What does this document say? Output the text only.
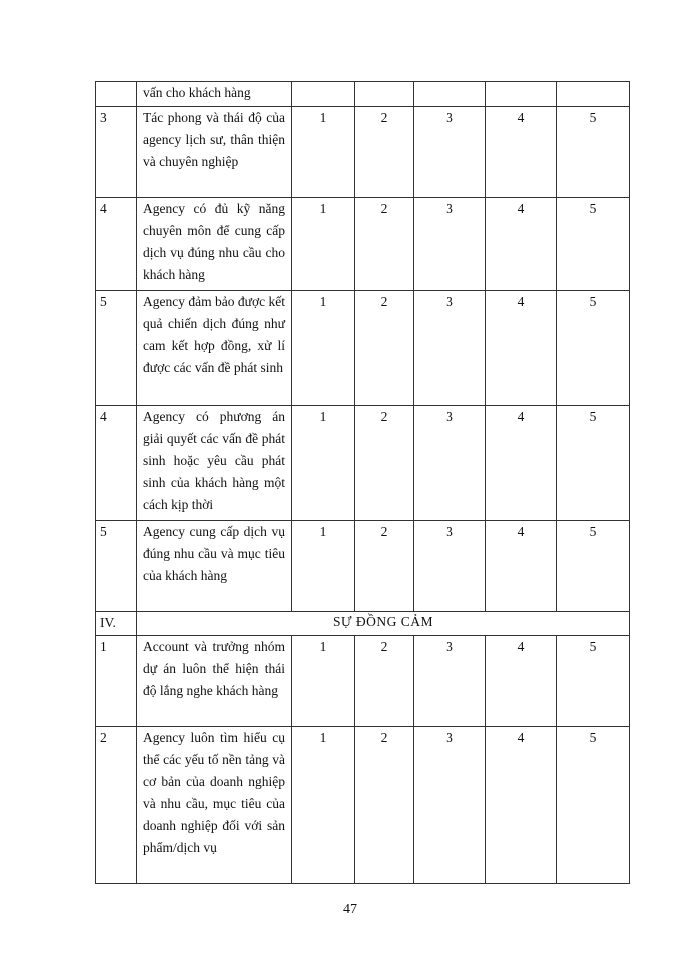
	vấn cho khách hàng					

3	Tác phong và thái độ của agency lịch sư, thân thiện và chuyên nghiệp	1	2	3	4	5
4	Agency có đủ kỹ năng chuyên môn để cung cấp dịch vụ đúng nhu cầu cho khách hàng	1	2	3	4	5
5	Agency đảm bảo được kết quả chiến dịch đúng như cam kết hợp đồng, xử lí được các vấn đề phát sinh	1	2	3	4	5
4	Agency có phương án giải quyết các vấn đề phát sinh hoặc yêu cầu phát sinh của khách hàng một cách kịp thời	1	2	3	4	5
5	Agency cung cấp dịch vụ đúng nhu cầu và mục tiêu của khách hàng	1	2	3	4	5
IV.	SỰ ĐỒNG CẢM					
1	Account và trưởng nhóm dự án luôn thể hiện thái độ lắng nghe khách hàng	1	2	3	4	5
2	Agency luôn tìm hiểu cụ thể các yếu tố nền tảng và cơ bản của doanh nghiệp và nhu cầu, mục tiêu của doanh nghiệp đối với sản phẩm/dịch vụ	1	2	3	4	5
47
